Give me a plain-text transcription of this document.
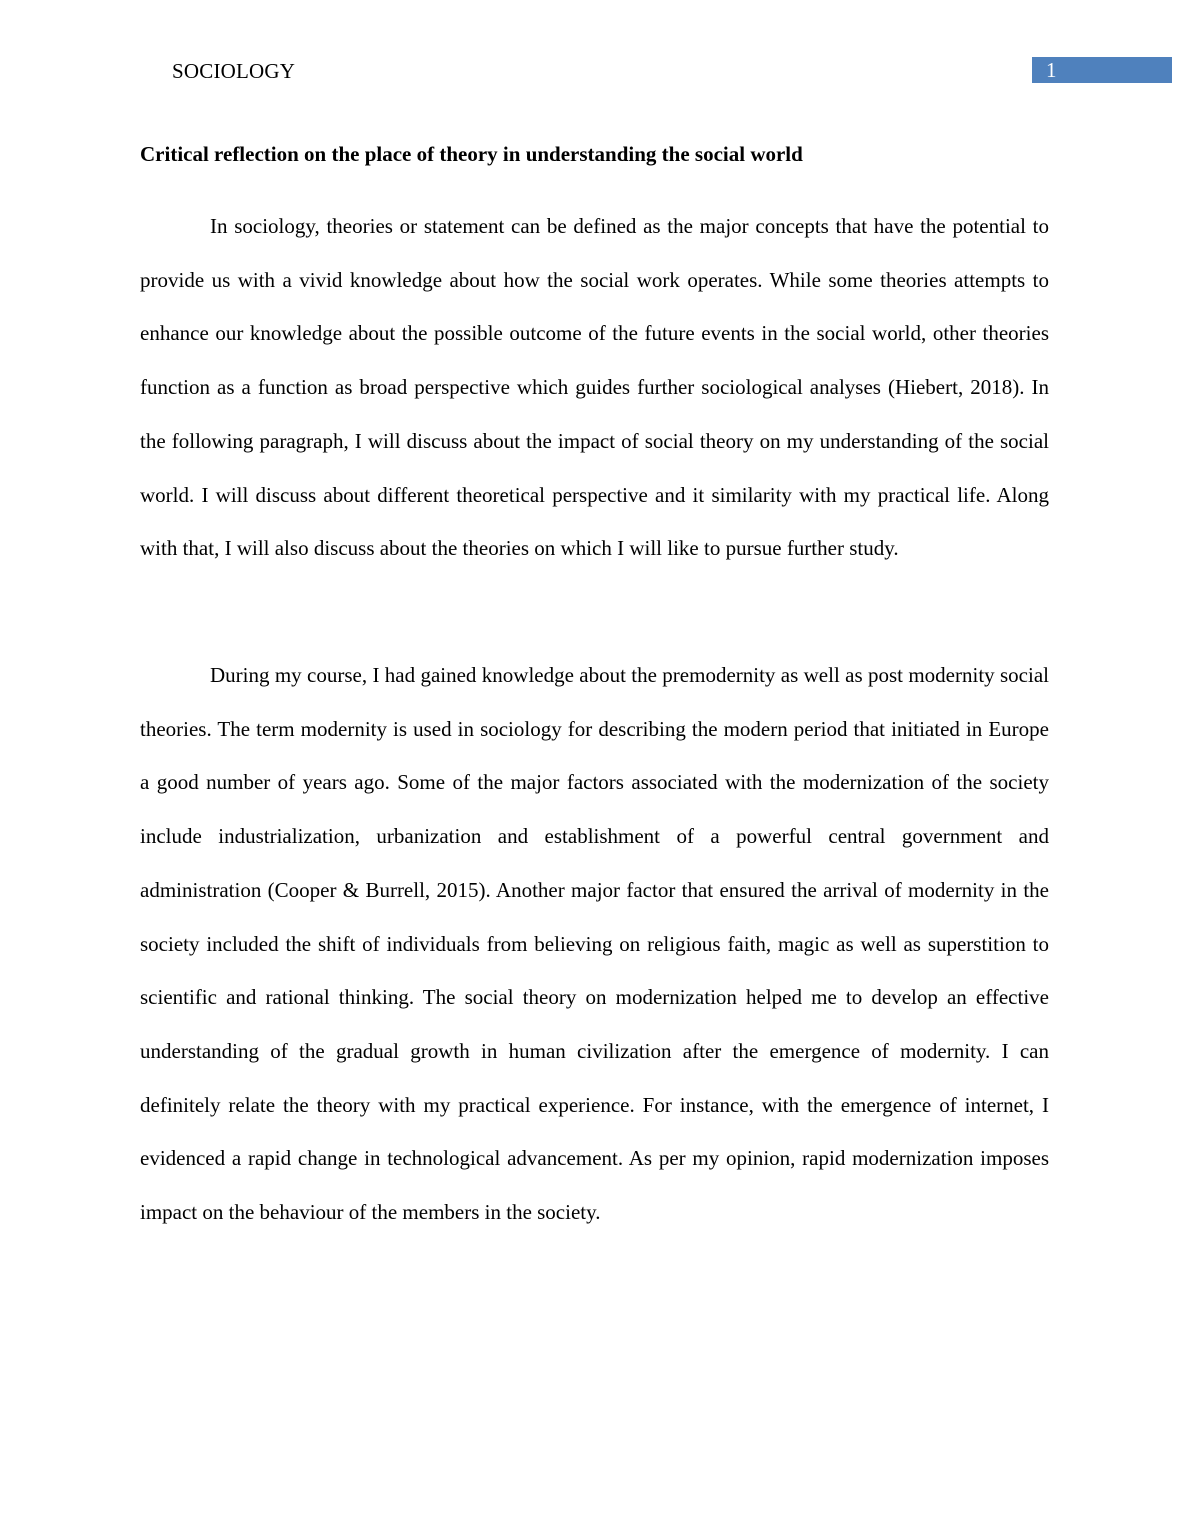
SOCIOLOGY	1
Critical reflection on the place of theory in understanding the social world

In sociology, theories or statement can be defined as the major concepts that have the potential to provide us with a vivid knowledge about how the social work operates. While some theories attempts to enhance our knowledge about the possible outcome of the future events in the social world, other theories function as a function as broad perspective which guides further sociological analyses (Hiebert, 2018). In the following paragraph, I will discuss about the impact of social theory on my understanding of the social world. I will discuss about different theoretical perspective and it similarity with my practical life. Along with that, I will also discuss about the theories on which I will like to pursue further study.

During my course, I had gained knowledge about the premodernity as well as post modernity social theories. The term modernity is used in sociology for describing the modern period that initiated in Europe a good number of years ago. Some of the major factors associated with the modernization of the society include industrialization, urbanization and establishment of a powerful central government and administration (Cooper & Burrell, 2015). Another major factor that ensured the arrival of modernity in the society included the shift of individuals from believing on religious faith, magic as well as superstition to scientific and rational thinking. The social theory on modernization helped me to develop an effective understanding of the gradual growth in human civilization after the emergence of modernity. I can definitely relate the theory with my practical experience. For instance, with the emergence of internet, I evidenced a rapid change in technological advancement. As per my opinion, rapid modernization imposes impact on the behaviour of the members in the society.
